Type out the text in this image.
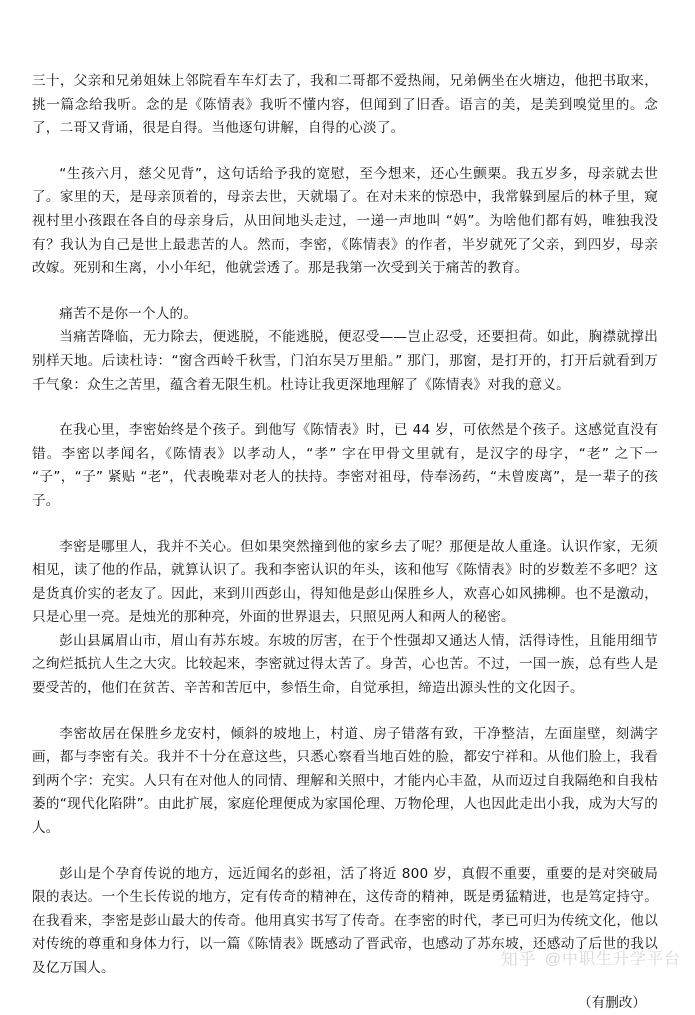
三十，父亲和兄弟姐妹上邻院看车车灯去了，我和二哥都不爱热闹，兄弟俩坐在火塘边，他把书取来，挑一篇念给我听。念的是《陈情表》我听不懂内容，但闻到了旧香。语言的美，是美到嗅觉里的。念了，二哥又背诵，很是自得。当他逐句讲解，自得的心淡了。

“生孩六月，慈父见背”，这句话给予我的宽慰，至今想来，还心生颤栗。我五岁多，母亲就去世了。家里的天，是母亲顶着的，母亲去世，天就塌了。在对未来的惊恐中，我常躲到屋后的林子里，窥视村里小孩跟在各自的母亲身后，从田间地头走过，一递一声地叫 “妈”。为啥他们都有妈，唯独我没有？我认为自己是世上最悲苦的人。然而，李密，《陈情表》的作者，半岁就死了父亲，到四岁，母亲改嫁。死别和生离，小小年纪，他就尝透了。那是我第一次受到关于痛苦的教育。

痛苦不是你一个人的。

当痛苦降临，无力除去，便逃脱，不能逃脱，便忍受——岂止忍受，还要担荷。如此，胸襟就撑出别样天地。后读杜诗：“窗含西岭千秋雪，门泊东吴万里船。” 那门，那窗，是打开的，打开后就看到万千气象：众生之苦里，蕴含着无限生机。杜诗让我更深地理解了《陈情表》对我的意义。

在我心里，李密始终是个孩子。到他写《陈情表》时，已 44 岁，可依然是个孩子。这感觉直没有错。李密以孝闻名，《陈情表》以孝动人，“孝” 字在甲骨文里就有，是汉字的母字，“老” 之下一 “子”，“子” 紧贴 “老”，代表晚辈对老人的扶持。李密对祖母，侍奉汤药，“未曾废离”，是一辈子的孩子。

李密是哪里人，我并不关心。但如果突然撞到他的家乡去了呢？那便是故人重逢。认识作家，无须相见，读了他的作品，就算认识了。我和李密认识的年头，该和他写《陈情表》时的岁数差不多吧？这是货真价实的老友了。因此，来到川西彭山，得知他是彭山保胜乡人，欢喜心如风拂柳。也不是激动，只是心里一亮。是烛光的那种亮，外面的世界退去，只照见两人和两人的秘密。

彭山县属眉山市，眉山有苏东坡。东坡的厉害，在于个性强却又通达人情，活得诗性，且能用细节之绚烂抵抗人生之大灾。比较起来，李密就过得太苦了。身苦，心也苦。不过，一国一族，总有些人是要受苦的，他们在贫苦、辛苦和苦厄中，参悟生命，自觉承担，缔造出源头性的文化因子。

李密故居在保胜乡龙安村，倾斜的坡地上，村道、房子错落有致，干净整洁，左面崖壁，刻满字画，都与李密有关。我并不十分在意这些，只悉心察看当地百姓的脸，都安宁祥和。从他们脸上，我看到两个字：充实。人只有在对他人的同情、理解和关照中，才能内心丰盈，从而迈过自我隔绝和自我枯萎的“现代化陷阱”。由此扩展，家庭伦理便成为家国伦理、万物伦理，人也因此走出小我，成为大写的人。

彭山是个孕育传说的地方，远近闻名的彭祖，活了将近 800 岁，真假不重要，重要的是对突破局限的表达。一个生长传说的地方，定有传奇的精神在，这传奇的精神，既是勇猛精进，也是笃定持守。在我看来，李密是彭山最大的传奇。他用真实书写了传奇。在李密的时代，孝已可归为传统文化，他以对传统的尊重和身体力行，以一篇《陈情表》既感动了晋武帝，也感动了苏东坡，还感动了后世的我以及亿万国人。

（有删改）
知乎 @中职生升学平台
